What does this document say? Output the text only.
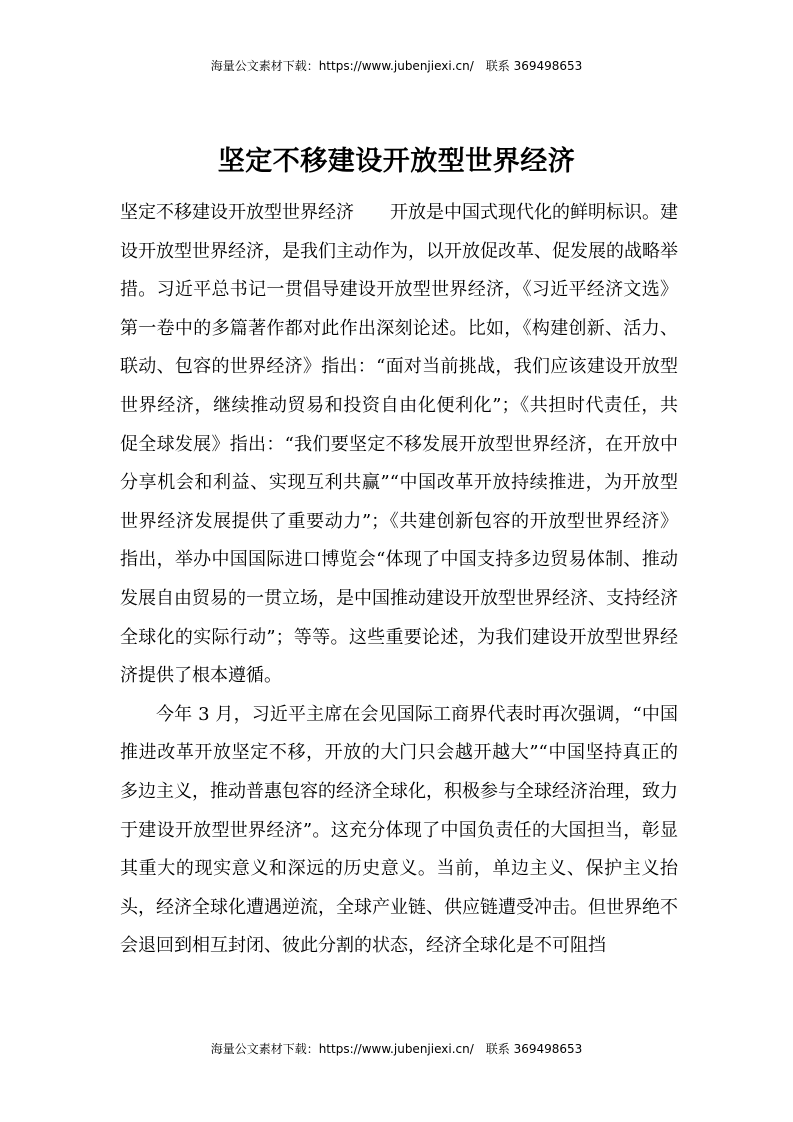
海量公文素材下载：https://www.jubenjiexi.cn/ 联系 369498653
坚定不移建设开放型世界经济

坚定不移建设开放型世界经济　　开放是中国式现代化的鲜明标识。建设开放型世界经济，是我们主动作为，以开放促改革、促发展的战略举措。习近平总书记一贯倡导建设开放型世界经济，《习近平经济文选》第一卷中的多篇著作都对此作出深刻论述。比如，《构建创新、活力、联动、包容的世界经济》指出：“面对当前挑战，我们应该建设开放型世界经济，继续推动贸易和投资自由化便利化”；《共担时代责任，共促全球发展》指出：“我们要坚定不移发展开放型世界经济，在开放中分享机会和利益、实现互利共赢”“中国改革开放持续推进，为开放型世界经济发展提供了重要动力”；《共建创新包容的开放型世界经济》指出，举办中国国际进口博览会“体现了中国支持多边贸易体制、推动发展自由贸易的一贯立场，是中国推动建设开放型世界经济、支持经济全球化的实际行动”；等等。这些重要论述，为我们建设开放型世界经济提供了根本遵循。

今年 3 月，习近平主席在会见国际工商界代表时再次强调，“中国推进改革开放坚定不移，开放的大门只会越开越大”“中国坚持真正的多边主义，推动普惠包容的经济全球化，积极参与全球经济治理，致力于建设开放型世界经济”。这充分体现了中国负责任的大国担当，彰显其重大的现实意义和深远的历史意义。当前，单边主义、保护主义抬头，经济全球化遭遇逆流，全球产业链、供应链遭受冲击。但世界绝不会退回到相互封闭、彼此分割的状态，经济全球化是不可阻挡

海量公文素材下载：https://www.jubenjiexi.cn/ 联系 369498653
